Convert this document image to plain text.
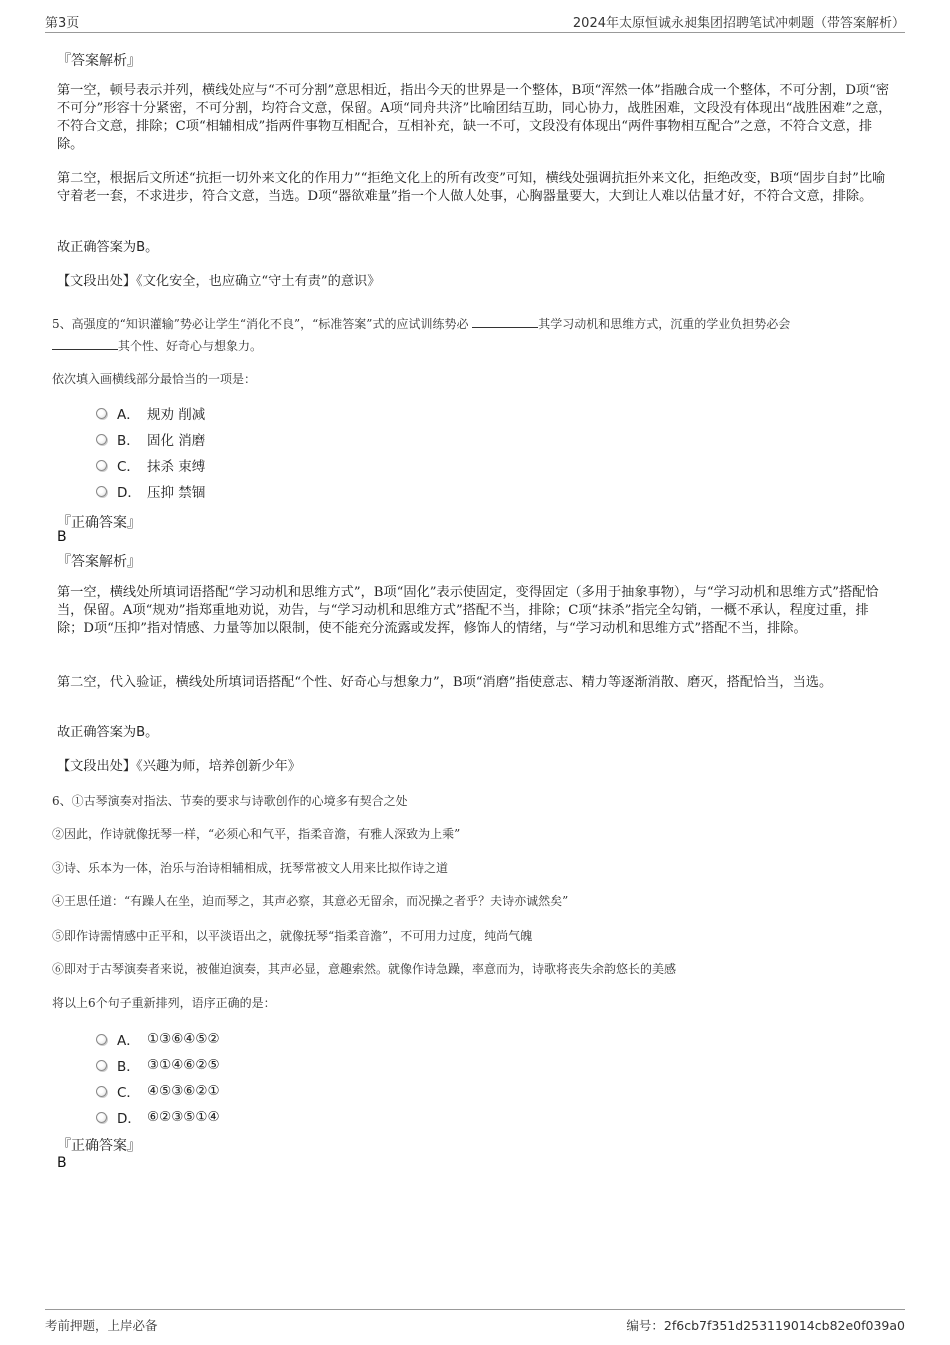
第3页	2024年太原恒诚永昶集团招聘笔试冲刺题（带答案解析）
『答案解析』
第一空，顿号表示并列，横线处应与“不可分割”意思相近，指出今天的世界是一个整体，B项“浑然一体”指融合成一个整体，不可分割，D项“密不可分”形容十分紧密，不可分割，均符合文意，保留。A项“同舟共济”比喻团结互助，同心协力，战胜困难，文段没有体现出“战胜困难”之意，不符合文意，排除；C项“相辅相成”指两件事物互相配合，互相补充，缺一不可，文段没有体现出“两件事物相互配合”之意，不符合文意，排除。
第二空，根据后文所述“抗拒一切外来文化的作用力”“拒绝文化上的所有改变”可知，横线处强调抗拒外来文化，拒绝改变，B项“固步自封”比喻守着老一套，不求进步，符合文意，当选。D项“器欲难量”指一个人做人处事，心胸器量要大，大到让人难以估量才好，不符合文意，排除。
故正确答案为B。
【文段出处】《文化安全，也应确立“守土有责”的意识》
5、高强度的“知识灌输”势必让学生“消化不良”，“标准答案”式的应试训练势必	其学习动机和思维方式，沉重的学业负担势必会
其个性、好奇心与想象力。
依次填入画横线部分最恰当的一项是：
A． 规劝 削减
B． 固化 消磨
C． 抹杀 束缚
D． 压抑 禁锢
『正确答案』
B
『答案解析』
第一空，横线处所填词语搭配“学习动机和思维方式”，B项“固化”表示使固定，变得固定（多用于抽象事物），与“学习动机和思维方式”搭配恰当，保留。A项“规劝”指郑重地劝说，劝告，与“学习动机和思维方式”搭配不当，排除；C项“抹杀”指完全勾销，一概不承认，程度过重，排除；D项“压抑”指对情感、力量等加以限制，使不能充分流露或发挥，修饰人的情绪，与“学习动机和思维方式”搭配不当，排除。
第二空，代入验证，横线处所填词语搭配“个性、好奇心与想象力”，B项“消磨”指使意志、精力等逐渐消散、磨灭，搭配恰当，当选。
故正确答案为B。
【文段出处】《兴趣为师，培养创新少年》
6、①古琴演奏对指法、节奏的要求与诗歌创作的心境多有契合之处
②因此，作诗就像抚琴一样，“必须心和气平，指柔音澹，有雅人深致为上乘”
③诗、乐本为一体，治乐与治诗相辅相成，抚琴常被文人用来比拟作诗之道
④王思任道：“有躁人在坐，迫而琴之，其声必察，其意必无留余，而况操之者乎？夫诗亦诚然矣”
⑤即作诗需情感中正平和，以平淡语出之，就像抚琴“指柔音澹”，不可用力过度，纯尚气魄
⑥即对于古琴演奏者来说，被催迫演奏，其声必显，意趣索然。就像作诗急躁，率意而为，诗歌将丧失余韵悠长的美感
将以上6个句子重新排列，语序正确的是：
A． ①③⑥④⑤②
B． ③①④⑥②⑤
C． ④⑤③⑥②①
D． ⑥②③⑤①④
『正确答案』
B
考前押题，上岸必备	编号：2f6cb7f351d253119014cb82e0f039a0
